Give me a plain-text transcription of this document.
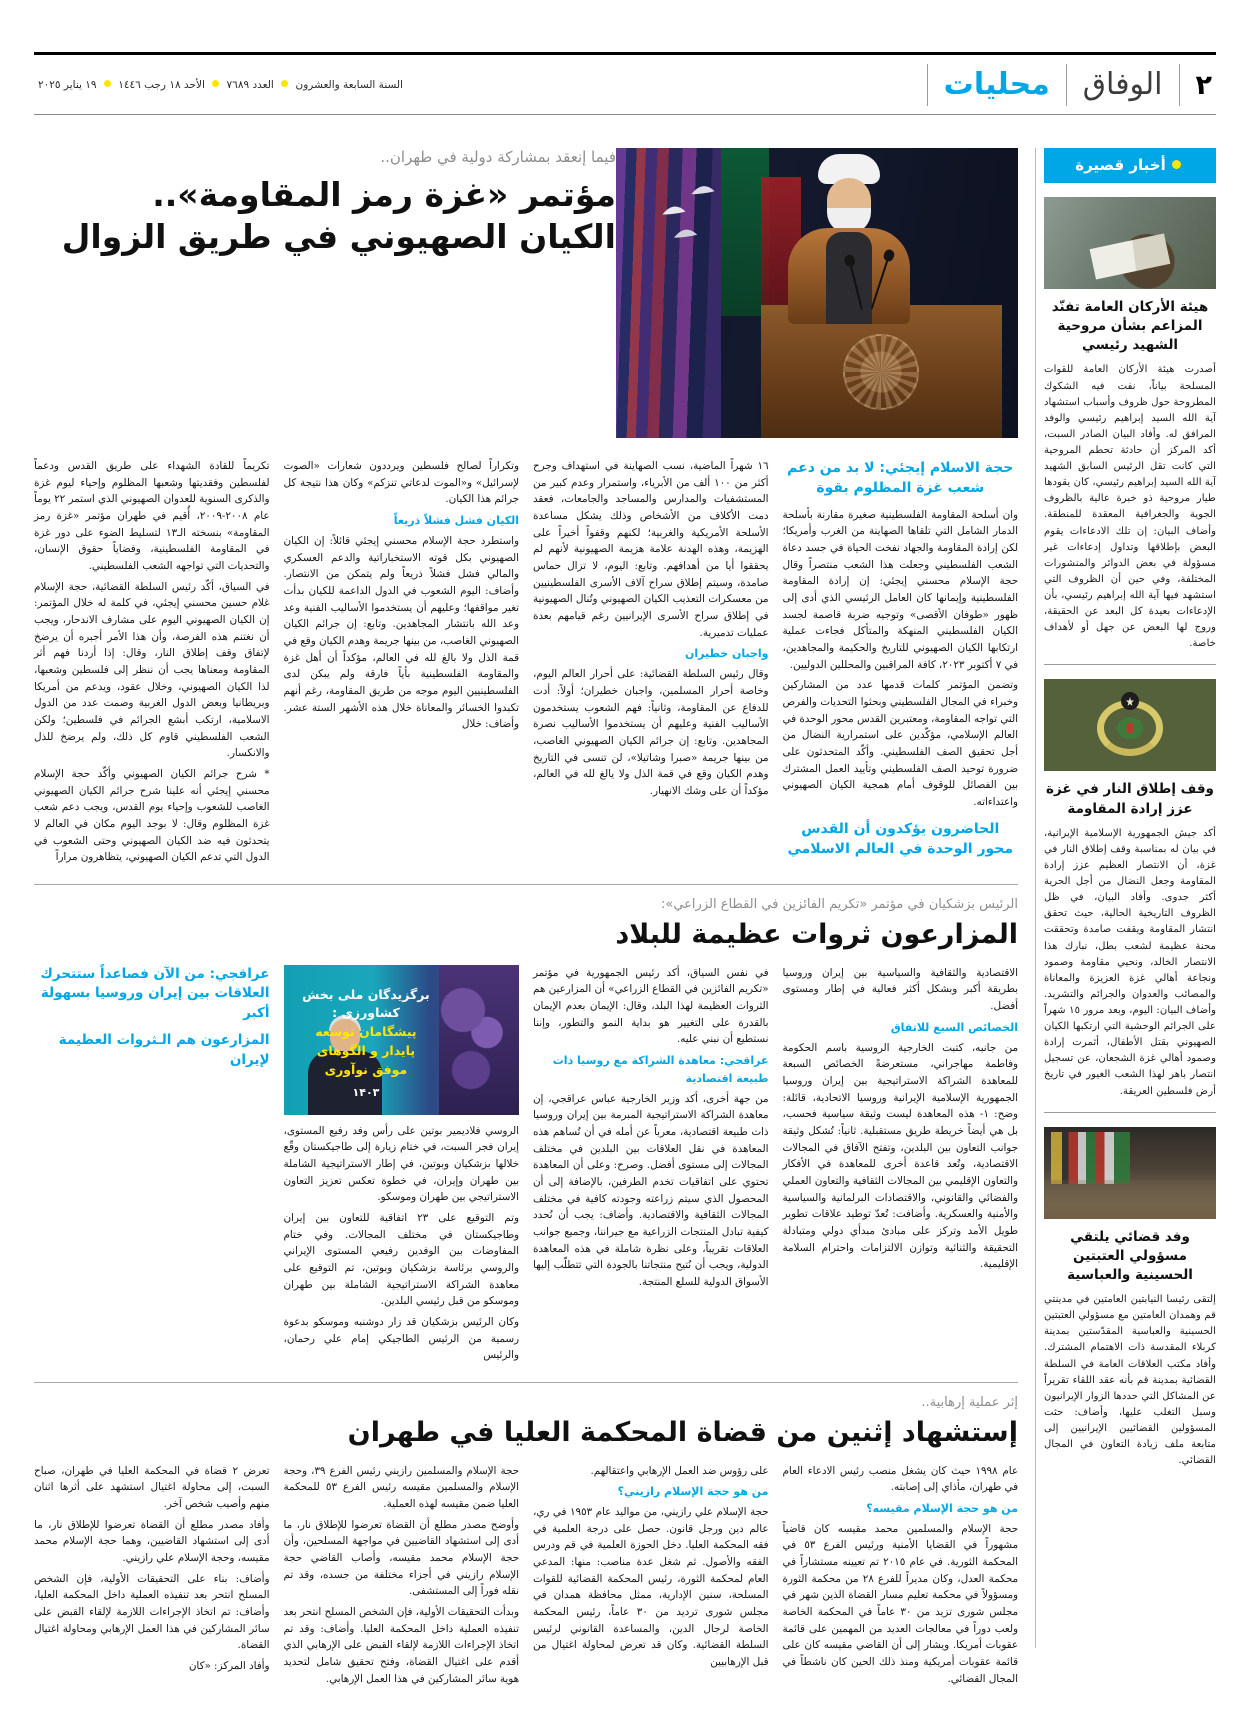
٢
الوفاق
محليات
السنة السابعة والعشرون  العدد ٧٦٨٩  الأحد ١٨ رجب ١٤٤٦  ١٩ يناير ٢٠٢٥
أخبار قصيرة
هيئة الأركان العامة تفنّد المزاعم بشأن مروحية الشهيد رئيسي
أصدرت هيئة الأركان العامة للقوات المسلحة بياناً، نفت فيه الشكوك المطروحة حول ظروف وأسباب استشهاد آية الله السيد إبراهيم رئيسي والوفد المرافق له. وأفاد البيان الصادر السبت، أكد المركز أن حادثة تحطم المروحية التي كانت تقل الرئيس السابق الشهيد آية الله السيد إبراهيم رئيسي، كان يقودها طيار مروحية ذو خبرة عالية بالظروف الجوية والجغرافية المعقدة للمنطقة. وأضاف البيان: إن تلك الادعاءات يقوم البعض بإطلاقها وتداول إدعاءات غير مسؤولة في بعض الدوائر والمنشورات المختلفة، وفي حين أن الظروف التي استشهد فيها آية الله إبراهيم رئيسي، بأن الإدعاءات بعيدة كل البعد عن الحقيقة، وروج لها البعض عن جهل أو لأهداف خاصة.
وقف إطلاق النار في غزة عزز إرادة المقاومة
أكد جيش الجمهورية الإسلامية الإيرانية، في بيان له بمناسبة وقف إطلاق النار في غزة، أن الانتصار العظيم عزز إرادة المقاومة وجعل النضال من أجل الحرية أكثر جدوى. وأفاد البيان، في ظل الظروف التاريخية الحالية، حيث تحقق انتشار المقاومة ويقفت صامدة وتحققت محنة عظيمة لشعب بطل، نبارك هذا الانتصار الخالد، ونحيي مقاومة وصمود ونجاعة أهالي غزة العزيزة والمعاناة والمصائب والعدوان والجرائم والتشريد. وأضاف البيان: اليوم، وبعد مرور ١٥ شهراً على الجرائم الوحشية التي ارتكبها الكيان الصهيوني بقتل الأطفال، أثمرت إرادة وصمود أهالي غزة الشجعان، عن تسجيل انتصار باهر لهذا الشعب الغيور في تاريخ أرض فلسطين العريقة.
وفد قضائي يلتقي مسؤولي العتبتين الحسينية والعباسية
إلتقى رئيسا النيابتين العامتين في مدينتي قم وهمدان العامتين مع مسؤولي العتبتين الحسينية والعباسية المقدّستين بمدينة كربلاء المقدسة ذات الاهتمام المشترك. وأفاد مكتب العلاقات العامة في السلطة القضائية بمدينة قم بأنه عقد اللقاء تقريراً عن المشاكل التي حددها الزوار الإيرانيون وسبل التغلب عليها، وأضاف: حثت المسؤولين القضائيين الإيرانيين إلى متابعة ملف زيادة التعاون في المجال القضائي.
فيما إنعقد بمشاركة دولية في طهران..
مؤتمر «غزة رمز المقاومة»..
الكيان الصهيوني في طريق الزوال
حجة الاسلام إيجئي: لا بد من دعم شعب غزة المظلوم بقوة

وان أسلحة المقاومة الفلسطينية صغيرة مقارنة بأسلحة الدمار الشامل التي تلقاها الصهاينة من الغرب وأمريكا؛ لكن إرادة المقاومة والجهاد نفخت الحياة في جسد دعاة الشعب الفلسطيني وجعلت هذا الشعب منتصراً وقال حجة الإسلام محسني إيجئي: إن إرادة المقاومة الفلسطينية وإيمانها كان العامل الرئيسي الذي أدى إلى ظهور «طوفان الأقصى» وتوجيه ضربة قاصمة لجسد الكيان الفلسطيني المنهكة والمتأكل فجاءت عملية ارتكابها الكيان الصهيوني للتاريخ والحكيمة والمجاهدين، في ٧ أكتوبر ٢٠٢٣، كافة المراقبين والمحللين الدوليين.

وتضمن المؤتمر كلمات قدمها عدد من المشاركين وخبراء في المجال الفلسطيني وبحثوا التحديات والفرص التي تواجه المقاومة، ومعتبرين القدس محور الوحدة في العالم الإسلامي، مؤكّدين على استمرارية النضال من أجل تحقيق الصف الفلسطيني. وأكّد المتحدثون على ضرورة توحيد الصف الفلسطيني وتأييد العمل المشترك بين الفصائل للوقوف أمام همجية الكيان الصهيوني واعتداءاته.

الحاضرون يؤكدون أن القدس محور الوحدة في العالم الاسلامي

١٦ شهراً الماضية، نسب الصهاينة في استهداف وجرح أكثر من ١٠٠ ألف من الأبرياء، واستمرار وعدم كبير من المستشفيات والمدارس والمساجد والجامعات، فعقد دمت الأكلاف من الأشخاص وذلك يشكل مساعدة الأسلحة الأمريكية والغربية؛ لكنهم وقفواً أخيراً على الهزيمة، وهذه الهدنة علامة هزيمة الصهيونية لأنهم لم يحققوا أيا من أهدافهم. وتابع: اليوم، لا تزال حماس صامدة، وسيتم إطلاق سراح آلاف الأسرى الفلسطينيين من معسكرات التعذيب الكيان الصهيوني وتُنال الصهيونية في إطلاق سراح الأسرى الإيرانيين رغم قيامهم بعدة عمليات تدميرية.

واجبان خطيران

وقال رئيس السلطة القضائية: على أحرار العالم اليوم، وخاصة أحرار المسلمين، واجبان خطيران؛ أولاً: أدت للدفاع عن المقاومة، وثانياً: فهم الشعوب يستخدمون الأساليب الفنية وعليهم أن يستخدموا الأساليب نصرة المجاهدين. وتابع: إن جرائم الكيان الصهيوني الغاصب، من بينها جريمة «صبرا وشاتيلا»، لن تنسى في التاريخ وهدم الكيان وقع في قمة الذل ولا يالغ لله في العالم، مؤكداً أن على وشك الانهيار.

وتكراراً لصالح فلسطين ويرددون شعارات «الصوت لإسرائيل» و«الموت لدعاتي تنزكم» وكان هذا نتيجة كل جرائم هذا الكيان.

الكيان فشل فشلاً ذريعاً

واستطرد حجة الإسلام محسني إيجئي قائلاً: إن الكيان الصهيوني بكل قوته الاستخباراتية والدعم العسكري والمالي فشل فشلاً ذريعاً ولم يتمكن من الانتصار. وأضاف: اليوم الشعوب في الدول الداعمة للكيان بدأت تغير مواقفها؛ وعليهم أن يستخدموا الأساليب الفنية وعد وعد الله بانتشار المجاهدين. وتابع: إن جرائم الكيان الصهيوني الغاصب، من بينها جريمة وهدم الكيان وقع في قمة الذل ولا بالغ لله في العالم، مؤكداً أن أهل غزة والمقاومة الفلسطينية بأياً فارقة ولم يبكن لدى الفلسطينيين اليوم موجه من طريق المقاومة، رغم أنهم تكبدوا الخسائر والمعاناة خلال هذه الأشهر الستة عشر. وأضاف: خلال

تكريماً للقادة الشهداء على طريق القدس ودعماً لفلسطين وفقديتها وشعبها المظلوم وإحياء ليوم غزة والذكرى السنوية للعدوان الصهيوني الذي استمر ٢٢ يوماً عام ٢٠٠٨-٢٠٠٩، أُقيم في طهران مؤتمر «غزة رمز المقاومة» بنسخته الـ١٣ لتسليط الضوء على دور غزة في المقاومة الفلسطينية، وفضاياً حقوق الإنسان، والتحديات التي تواجهه الشعب الفلسطيني.

في السياق، أكّد رئيس السلطة القضائية، حجة الإسلام غلام حسين محسني إيجئي، في كلمة له خلال المؤتمر: إن الكيان الصهيوني اليوم على مشارف الاندحار، ويجب أن نغتنم هذه الفرصة، وأن هذا الأمر أجبره أن يرضخ لإتفاق وقف إطلاق النار، وقال: إذا أردنا فهم أثر المقاومة ومعناها يجب أن ننظر إلى فلسطين وشعبها، لذا الكيان الصهيوني، وخلال عقود، ويدعم من أمريكا وبريطانيا وبعض الدول الغربية وصمت عدد من الدول الاسلامية، ارتكب أبشع الجرائم في فلسطين؛ ولكن الشعب الفلسطيني قاوم كل ذلك، ولم يرضخ للذل والانكسار.

* شرح جرائم الكيان الصهيوني وأكّد حجة الإسلام محسني إيجئي أنه علينا شرح جرائم الكيان الصهيوني الغاصب للشعوب وإحياء يوم القدس، ويجب دعم شعب غزة المظلوم وقال: لا بوجد اليوم مكان في العالم لا يتحدثون فيه ضد الكيان الصهيوني وحتى الشعوب في الدول التي تدعم الكيان الصهيوني، يتظاهرون مراراً

الرئيس بزشكيان في مؤتمر «تكريم الفائزين في القطاع الزراعي»:
المزارعون ثروات عظيمة للبلاد

الاقتصادية والثقافية والسياسية بين إيران وروسيا بطريقة أكبر وبشكل أكثر فعالية في إطار ومستوى أفضل.

الخصائص السبع للاتفاق

من جانبه، كتبت الخارجية الروسية باسم الحكومة وفاطمة مهاجراني، مستعرضةً الخصائص السبعة للمعاهدة الشراكة الاستراتيجية بين إيران وروسيا الجمهورية الإسلامية الإيرانية وروسيا الاتحادية، قائلة: وضح: ١- هذه المعاهدة ليست وثيقة سياسية فحسب، بل هي أيضاً خريطة طريق مستقبلية. ثانياً: تُشكل وثيقة جوانب التعاون بين البلدين، وتفتح الآفاق في المجالات الاقتصادية، وتُعد قاعدة أخرى للمعاهدة في الأفكار والتعاون الإقليمي بين المجالات الثقافية والتعاون العملي والفضائي والقانوني، والاقتصادات البرلمانية والسياسية والأمنية والعسكرية. وأضافت: تُعدّ توطيد علاقات تطوير طويل الأمد وتركز على مبادئ مبدأي دولي ومتبادلة التحقيقة والثنائية وتوازن الالتزامات واحترام السلامة الإقليمية.

في نفس السياق، أكد رئيس الجمهورية في مؤتمر «تكريم الفائزين في القطاع الزراعي» أن المزارعين هم الثروات العظيمة لهذا البلد، وقال: الإيمان بعدم الإيمان بالقدرة على التغيير هو بداية النمو والتطور، وإننا نستطيع أن نبني عليه.

عراقجي: معاهدة الشراكة مع روسيا ذات طبيعة اقتصادية

من جهة أخرى، أكد وزير الخارجية عباس عراقجي، إن معاهدة الشراكة الاستراتيجية المبرمة بين إيران وروسيا ذات طبيعة اقتصادية، معرباً عن أمله في أن تُساهم هذه المعاهدة في نقل العلاقات بين البلدين في مختلف المجالات إلى مستوى أفضل. وصرح: وعلى أن المعاهدة تحتوي على اتفاقيات تخدم الطرفين، بالإضافة إلى أن المحصول الذي سيتم زراعته وجودته كافية في مختلف المجالات الثقافية والاقتصادية. وأضاف: يجب أن نُحدد كيفية تبادل المنتجات الزراعية مع جيراننا، وجميع جوانب العلاقات تقريباً، وعلى نظرة شاملة في هذه المعاهدة الدولية، ويجب أن نُتيح منتجاتنا بالجودة التي تتطلّب إليها الأسواق الدولية للسلع المنتجة.

برگزیدگان ملی بخش کشاورزی :
پیشگامان توسعه پایدار و الگوهای موفق نوآوری
۱۴۰۳

الروسي فلاديمير بوتين على رأس وفد رفيع المستوى، إيران فجر السبت، في ختام زيارة إلى طاجيكستان وقّع خلالها بزشكيان وبوتين، في إطار الاستراتيجية الشاملة بين طهران وإيران، في خطوة تعكس تعزيز التعاون الاستراتيجي بين طهران وموسكو.

وتم التوقيع على ٢٣ اتفاقية للتعاون بين إيران وطاجيكستان في مختلف المجالات. وفي ختام المفاوضات بين الوفدين رفيعي المستوى الإيراني والروسي برئاسة بزشكيان وبوتين، تم التوقيع على معاهدة الشراكة الاستراتيجية الشاملة بين طهران وموسكو من قبل رئيسي البلدين.

وكان الرئيس بزشكيان قد زار دوشنبه وموسكو بدعوة رسمية من الرئيس الطاجيكي إمام علي رحمان، والرئيس

عراقجي: من الآن فصاعداً ستتحرك العلاقات بين إيران وروسيا بسهولة أكبر
المزارعون هم الـثروات العظيمة لإيران
إثر عملية إرهابية..
إستشهاد إثنين من قضاة المحكمة العليا في طهران

عام ١٩٩٨ حيث كان يشغل منصب رئيس الادعاء العام في طهران، مأذاي إلى إصابته.

من هو حجة الإسلام مقيسه؟

حجة الإسلام والمسلمين محمد مقيسه كان قاضياً مشهوراً في القضايا الأمنية ورئيس الفرع ٥٣ في المحكمة الثورية. في عام ٢٠١٥ تم تعيينه مستشاراً في محكمة العدل، وكان مديراً للفرع ٢٨ من محكمة الثورة ومسؤولاً في محكمة تعليم مسار القضاة الذين شهر في مجلس شورى تزيد من ٣٠ عاماً في المحكمة الخاصة ولعب دوراً في معالجات العديد من المهمين على قائمة عقوبات أمريكا. ويشار إلى أن القاضي مقيسه كان على قائمة عقوبات أمريكية ومنذ ذلك الحين كان ناشطاً في المجال القضائي.

على رؤوس ضد العمل الإرهابي واعتقالهم.

من هو حجة الإسلام رازيني؟

حجة الإسلام علي رازيني، من مواليد عام ١٩٥٣ في ري، عالم دين ورجل قانون. حصل على درجة العلمية في فقه المحكمة العليا. دخل الحوزة العلمية في قم ودرس الفقه والأصول. ثم شغل عدة مناصب: منها: المدعي العام لمحكمة الثورة، رئيس المحكمة القضائية للقوات المسلحة، سنين الإدارية، ممثل محافظة همدان في مجلس شورى ترديد من ٣٠ عاماً، رئيس المحكمة الخاصة لرجال الدين، والمساعدة القانوني لرئيس السلطة القضائية. وكان قد تعرض لمحاولة اغتيال من قبل الإرهابيين

حجة الإسلام والمسلمين رازيني رئيس الفرع ٣٩، وحجة الإسلام والمسلمين مقيسه رئيس الفرع ٥٣ للمحكمة العليا ضمن مقيسه لهذه العملية.

وأوضح مصدر مطلع أن القضاة تعرضوا للإطلاق نار، ما أدى إلى استشهاد القاضيين في مواجهة المسلحين، وأن حجة الإسلام محمد مقيسه، وأصاب القاضي حجة الإسلام رازيني في أجزاء مختلفة من جسده، وقد تم نقله فوراً إلى المستشفى.

وبدأت التحقيقات الأولية، فإن الشخص المسلح انتحر بعد تنفيذه العملية داخل المحكمة العليا. وأضاف: وقد تم اتخاذ الإجراءات اللازمة لإلقاء القبض على الإرهابي الذي أقدم على اغتيال القضاة، وفتح تحقيق شامل لتحديد هوية سائر المشاركين في هذا العمل الإرهابي.

تعرض ٢ قضاة في المحكمة العليا في طهران، صباح السبت، إلى محاولة اغتيال استشهد على أثرها اثنان منهم وأصيب شخص آخر.

وأفاد مصدر مطلع أن القضاة تعرضوا للإطلاق نار، ما أدى إلى استشهاد القاضيين، وهما حجة الإسلام محمد مقيسه، وحجة الإسلام علي رازيني.

وأضاف: بناء على التحقيقات الأولية، فإن الشخص المسلح انتحر بعد تنفيذه العملية داخل المحكمة العليا، وأضاف: تم اتخاذ الإجراءات اللازمة لإلقاء القبض على سائر المشاركين في هذا العمل الإرهابي ومحاولة اغتيال القضاة.

وأفاد المركز: «كان
